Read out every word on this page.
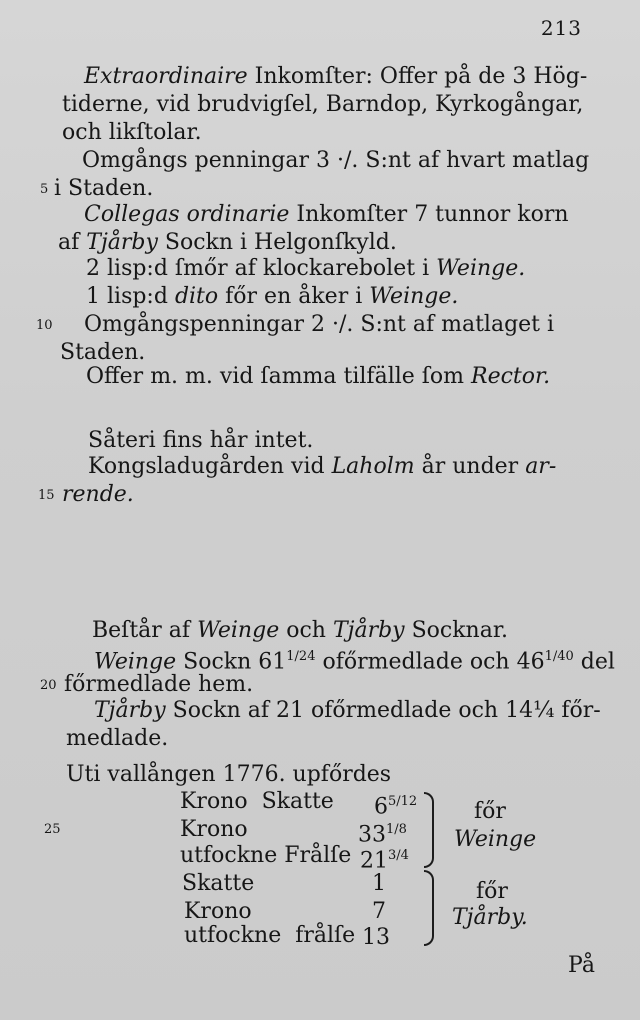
213
Extraordinaire Inkomſter: Offer på de 3 Hög-
tiderne, vid brudvigſel, Barndop, Kyrkogångar,
och likſtolar.
Omgångs penningar 3 ·/. S:nt af hvart matlag
5 i Staden.
Collegas ordinarie Inkomſter 7 tunnor korn
af Tjårby Sockn i Helgonſkyld.
2 lisp:d ſmőr af klockarebolet i Weinge.
1 lisp:d dito főr en åker i Weinge.
10 Omgångspenningar 2 ·/. S:nt af matlaget i
Staden.
Offer m. m. vid ſamma tilfälle ſom Rector.
Såteri fins hår intet.
Kongsladugården vid Laholm år under ar-
15 rende.
Beſtår af Weinge och Tjårby Socknar.
Weinge Sockn $61^{1/24}$ ofőrmedlade och $46^{1/40}$ del
20 főrmedlade hem.
Tjårby Sockn af 21 ofőrmedlade och 14¼ főr-
medlade.
Uti vallången 1776. upfőrdes
25
Krono  Skatte $6^{5/12}$
Krono	$33^{1/8}$
utfockne Frålſe $21^{3/4}$
főr
Weinge
Skatte	1
Krono	7
utfockne  frålſe 13
főr
Tjårby.
På
